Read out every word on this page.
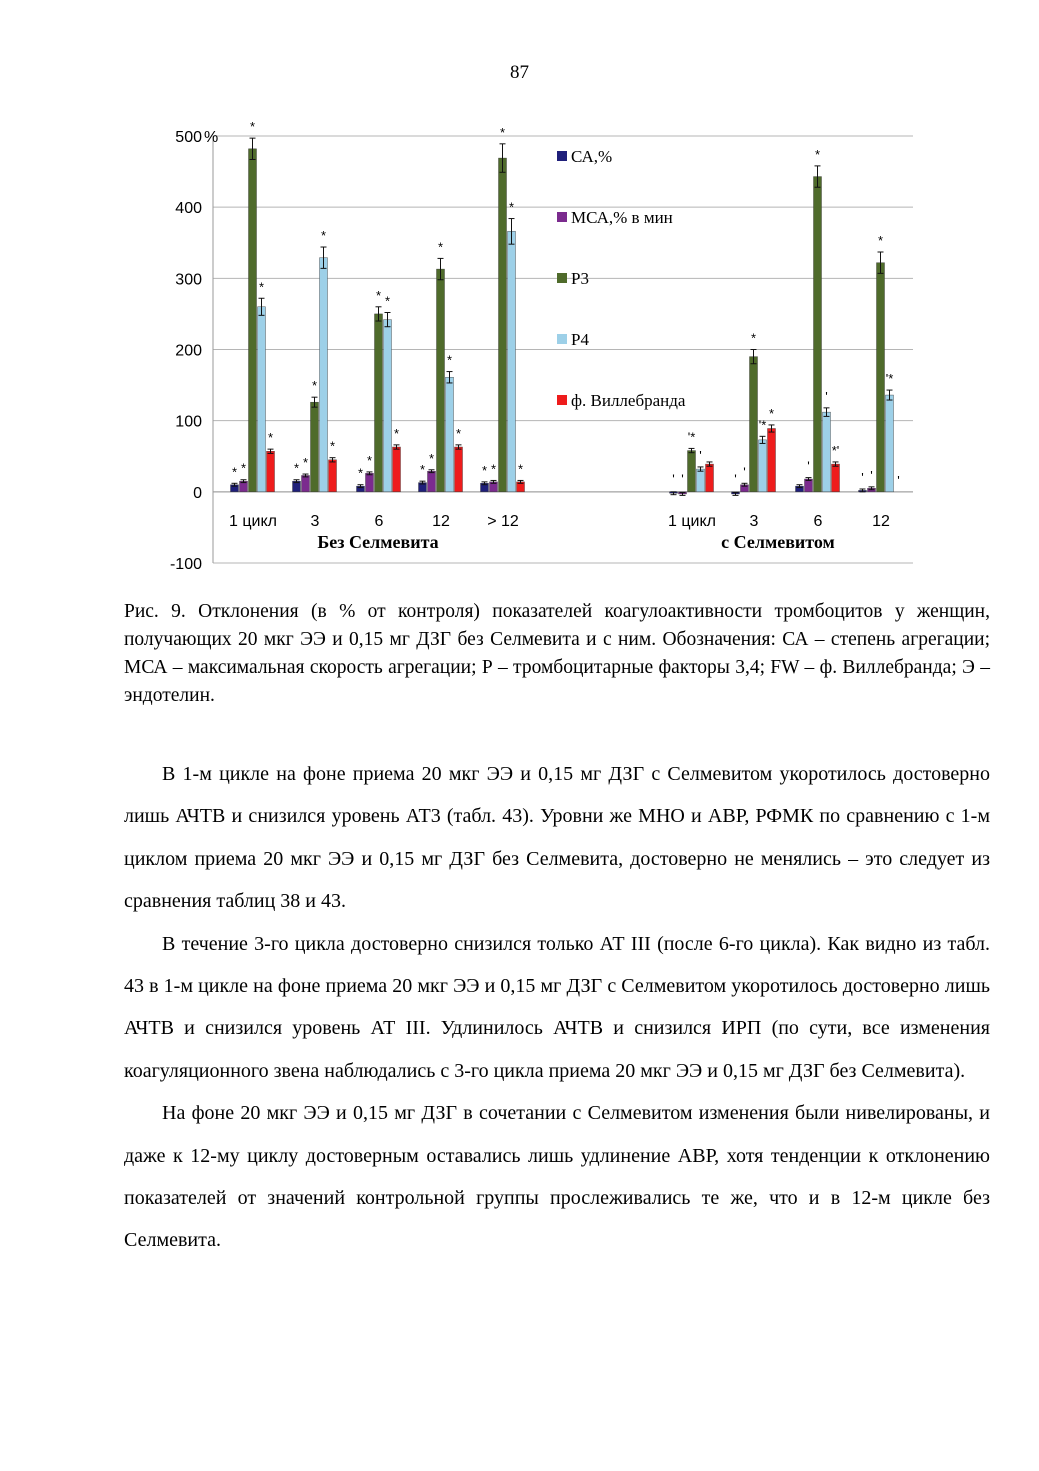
87
500
400
300
200
100
0
-100
%
* *
*
*
*
* *
*
*
*
*
*
* *
*
*
*
*
*
*
* *
*
*
*
' '
'*
'
' '
*
'*
*
'
*
'
*'
' '
*
'*
'
1 цикл 3	6	12 > 12	1 цикл 3	6	12
Без Селмевита	с Селмевитом
СА,%
МСА,% в мин
Р3
Р4
ф. Виллебранда
Рис. 9. Отклонения (в % от контроля) показателей коагулоактивности тромбоцитов у женщин, получающих 20 мкг ЭЭ и 0,15 мг ДЗГ без Селмевита и с ним. Обозначения: СА – степень агрегации; МСА – максимальная скорость агрегации; Р – тромбоцитарные факторы 3,4; FW – ф. Виллебранда; Э – эндотелин.

В 1-м цикле на фоне приема 20 мкг ЭЭ и 0,15 мг ДЗГ с Селмевитом укоротилось достоверно лишь АЧТВ и снизился уровень АТ3 (табл. 43). Уровни же МНО и АВР, РФМК по сравнению с 1-м циклом приема 20 мкг ЭЭ и 0,15 мг ДЗГ без Селмевита, достоверно не менялись – это следует из сравнения таблиц 38 и 43.

В течение 3-го цикла достоверно снизился только АТ III (после 6-го цикла). Как видно из табл. 43 в 1-м цикле на фоне приема 20 мкг ЭЭ и 0,15 мг ДЗГ с Селмевитом укоротилось достоверно лишь АЧТВ и снизился уровень АТ III. Удлинилось АЧТВ и снизился ИРП (по сути, все изменения коагуляционного звена наблюдались с 3-го цикла приема 20 мкг ЭЭ и 0,15 мг ДЗГ без Селмевита).

На фоне 20 мкг ЭЭ и 0,15 мг ДЗГ в сочетании с Селмевитом изменения были нивелированы, и даже к 12-му циклу достоверным оставались лишь удлинение АВР, хотя тенденции к отклонению показателей от значений контрольной группы прослеживались те же, что и в 12-м цикле без Селмевита.
